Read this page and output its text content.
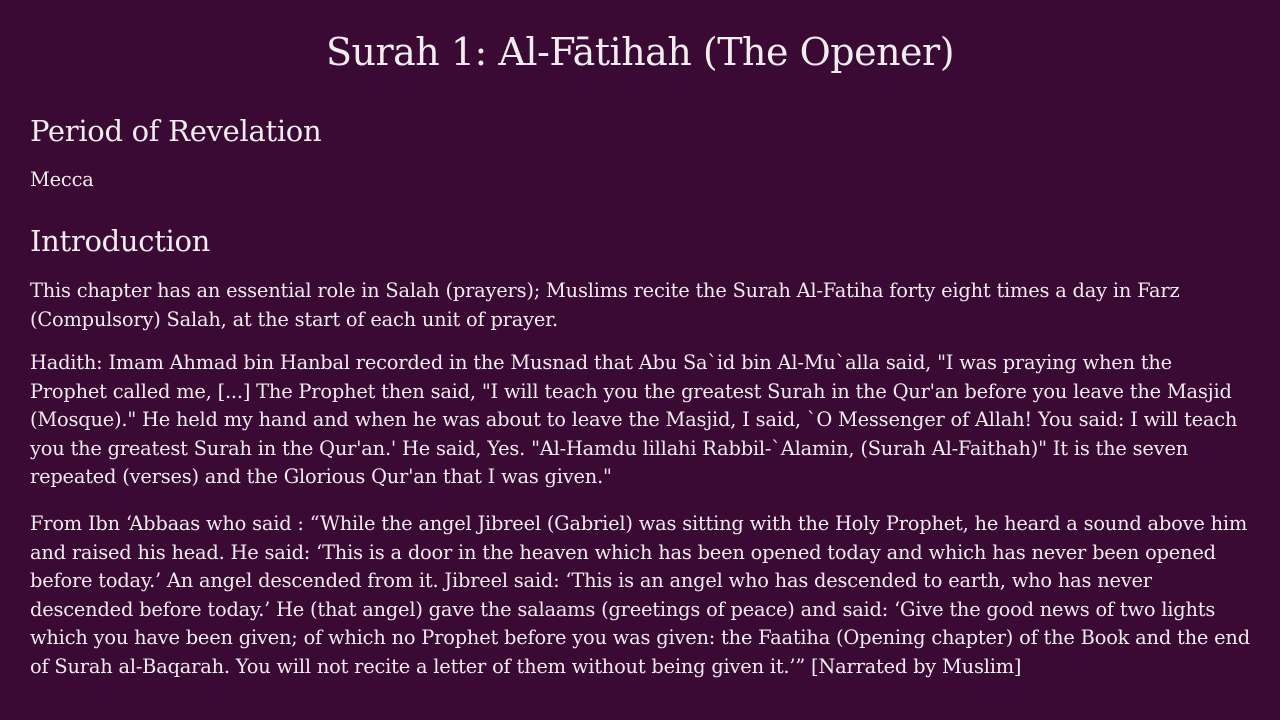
Surah 1: Al-Fātihah (The Opener)
Period of Revelation

Mecca

Introduction

This chapter has an essential role in Salah (prayers); Muslims recite the Surah Al-Fatiha forty eight times a day in Farz (Compulsory) Salah, at the start of each unit of prayer.

Hadith: Imam Ahmad bin Hanbal recorded in the Musnad that Abu Sa`id bin Al-Mu`alla said, "I was praying when the Prophet called me, [...] The Prophet then said, "I will teach you the greatest Surah in the Qur'an before you leave the Masjid (Mosque)." He held my hand and when he was about to leave the Masjid, I said, `O Messenger of Allah! You said: I will teach you the greatest Surah in the Qur'an.' He said, Yes. "Al-Hamdu lillahi Rabbil-`Alamin, (Surah Al-Faithah)" It is the seven repeated (verses) and the Glorious Qur'an that I was given."

From Ibn ‘Abbaas who said : “While the angel Jibreel (Gabriel) was sitting with the Holy Prophet, he heard a sound above him and raised his head. He said: ‘This is a door in the heaven which has been opened today and which has never been opened before today.’ An angel descended from it. Jibreel said: ‘This is an angel who has descended to earth, who has never descended before today.’ He (that angel) gave the salaams (greetings of peace) and said: ‘Give the good news of two lights which you have been given; of which no Prophet before you was given: the Faatiha (Opening chapter) of the Book and the end of Surah al-Baqarah. You will not recite a letter of them without being given it.’” [Narrated by Muslim]
